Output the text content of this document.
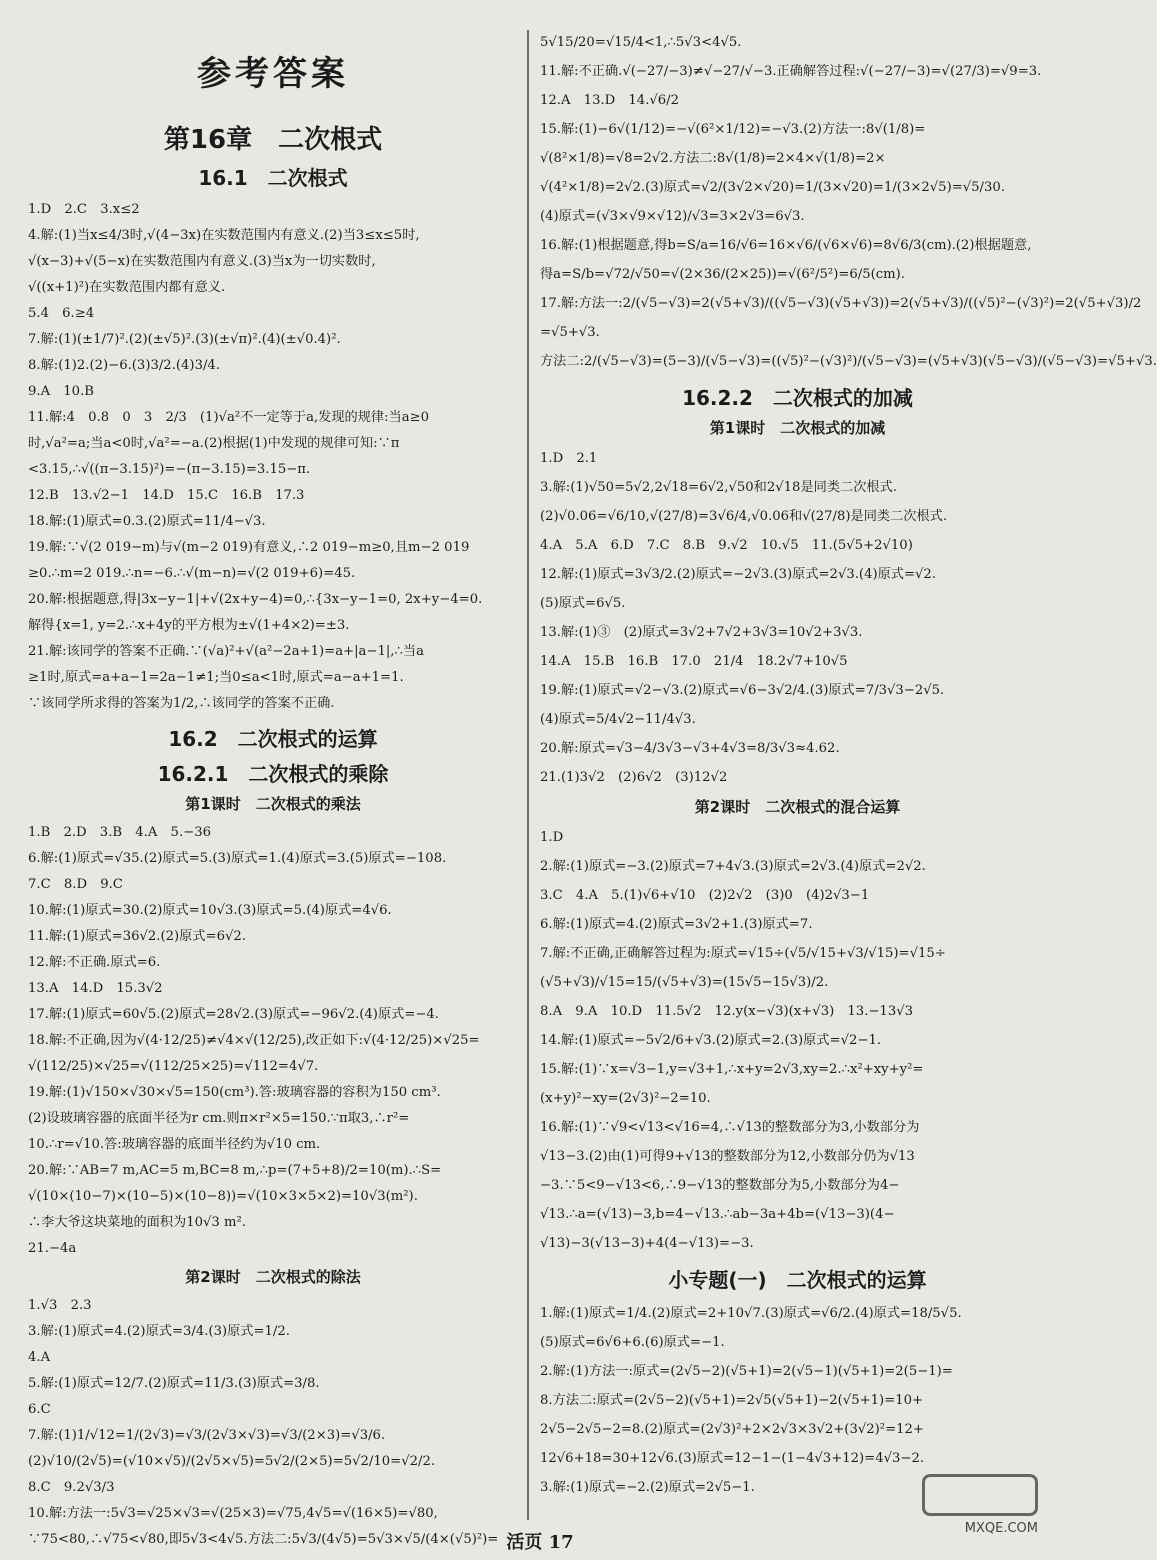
参考答案
第16章　二次根式
16.1　二次根式
1.D　2.C　3.x≤2
4.解:(1)当x≤4/3时,√(4−3x)在实数范围内有意义.(2)当3≤x≤5时,
√(x−3)+√(5−x)在实数范围内有意义.(3)当x为一切实数时,
√((x+1)²)在实数范围内都有意义.
5.4　6.≥4
7.解:(1)(±1/7)².(2)(±√5)².(3)(±√π)².(4)(±√0.4)².
8.解:(1)2.(2)−6.(3)3/2.(4)3/4.
9.A　10.B
11.解:4　0.8　0　3　2/3　(1)√a²不一定等于a,发现的规律:当a≥0
时,√a²=a;当a<0时,√a²=−a.(2)根据(1)中发现的规律可知:∵π
<3.15,∴√((π−3.15)²)=−(π−3.15)=3.15−π.
12.B　13.√2−1　14.D　15.C　16.B　17.3
18.解:(1)原式=0.3.(2)原式=11/4−√3.
19.解:∵√(2 019−m)与√(m−2 019)有意义,∴2 019−m≥0,且m−2 019
≥0.∴m=2 019.∴n=−6.∴√(m−n)=√(2 019+6)=45.
20.解:根据题意,得|3x−y−1|+√(2x+y−4)=0,∴{3x−y−1=0, 2x+y−4=0.
解得{x=1, y=2.∴x+4y的平方根为±√(1+4×2)=±3.
21.解:该同学的答案不正确.∵(√a)²+√(a²−2a+1)=a+|a−1|,∴当a
≥1时,原式=a+a−1=2a−1≠1;当0≤a<1时,原式=a−a+1=1.
∵该同学所求得的答案为1/2,∴该同学的答案不正确.
16.2　二次根式的运算
16.2.1　二次根式的乘除
第1课时　二次根式的乘法
1.B　2.D　3.B　4.A　5.−36
6.解:(1)原式=√35.(2)原式=5.(3)原式=1.(4)原式=3.(5)原式=−108.
7.C　8.D　9.C
10.解:(1)原式=30.(2)原式=10√3.(3)原式=5.(4)原式=4√6.
11.解:(1)原式=36√2.(2)原式=6√2.
12.解:不正确.原式=6.
13.A　14.D　15.3√2
17.解:(1)原式=60√5.(2)原式=28√2.(3)原式=−96√2.(4)原式=−4.
18.解:不正确,因为√(4·12/25)≠√4×√(12/25),改正如下:√(4·12/25)×√25=
√(112/25)×√25=√(112/25×25)=√112=4√7.
19.解:(1)√150×√30×√5=150(cm³).答:玻璃容器的容积为150 cm³.
(2)设玻璃容器的底面半径为r cm.则π×r²×5=150.∵π取3,∴r²=
10.∴r=√10.答:玻璃容器的底面半径约为√10 cm.
20.解:∵AB=7 m,AC=5 m,BC=8 m,∴p=(7+5+8)/2=10(m).∴S=
√(10×(10−7)×(10−5)×(10−8))=√(10×3×5×2)=10√3(m²).
∴李大爷这块菜地的面积为10√3 m².
21.−4a
第2课时　二次根式的除法
1.√3　2.3
3.解:(1)原式=4.(2)原式=3/4.(3)原式=1/2.
4.A
5.解:(1)原式=12/7.(2)原式=11/3.(3)原式=3/8.
6.C
7.解:(1)1/√12=1/(2√3)=√3/(2√3×√3)=√3/(2×3)=√3/6.
(2)√10/(2√5)=(√10×√5)/(2√5×√5)=5√2/(2×5)=5√2/10=√2/2.
8.C　9.2√3/3
10.解:方法一:5√3=√25×√3=√(25×3)=√75,4√5=√(16×5)=√80,
∵75<80,∴√75<√80,即5√3<4√5.方法二:5√3/(4√5)=5√3×√5/(4×(√5)²)=
5√15/20=√15/4<1,∴5√3<4√5.
11.解:不正确.√(−27/−3)≠√−27/√−3.正确解答过程:√(−27/−3)=√(27/3)=√9=3.
12.A　13.D　14.√6/2
15.解:(1)−6√(1/12)=−√(6²×1/12)=−√3.(2)方法一:8√(1/8)=
√(8²×1/8)=√8=2√2.方法二:8√(1/8)=2×4×√(1/8)=2×
√(4²×1/8)=2√2.(3)原式=√2/(3√2×√20)=1/(3×√20)=1/(3×2√5)=√5/30.
(4)原式=(√3×√9×√12)/√3=3×2√3=6√3.
16.解:(1)根据题意,得b=S/a=16/√6=16×√6/(√6×√6)=8√6/3(cm).(2)根据题意,
得a=S/b=√72/√50=√(2×36/(2×25))=√(6²/5²)=6/5(cm).
17.解:方法一:2/(√5−√3)=2(√5+√3)/((√5−√3)(√5+√3))=2(√5+√3)/((√5)²−(√3)²)=2(√5+√3)/2
=√5+√3.
方法二:2/(√5−√3)=(5−3)/(√5−√3)=((√5)²−(√3)²)/(√5−√3)=(√5+√3)(√5−√3)/(√5−√3)=√5+√3.
16.2.2　二次根式的加减
第1课时　二次根式的加减
1.D　2.1
3.解:(1)√50=5√2,2√18=6√2,√50和2√18是同类二次根式.
(2)√0.06=√6/10,√(27/8)=3√6/4,√0.06和√(27/8)是同类二次根式.
4.A　5.A　6.D　7.C　8.B　9.√2　10.√5　11.(5√5+2√10)
12.解:(1)原式=3√3/2.(2)原式=−2√3.(3)原式=2√3.(4)原式=√2.
(5)原式=6√5.
13.解:(1)③　(2)原式=3√2+7√2+3√3=10√2+3√3.
14.A　15.B　16.B　17.0　21/4　18.2√7+10√5
19.解:(1)原式=√2−√3.(2)原式=√6−3√2/4.(3)原式=7/3√3−2√5.
(4)原式=5/4√2−11/4√3.
20.解:原式=√3−4/3√3−√3+4√3=8/3√3≈4.62.
21.(1)3√2　(2)6√2　(3)12√2
第2课时　二次根式的混合运算
1.D
2.解:(1)原式=−3.(2)原式=7+4√3.(3)原式=2√3.(4)原式=2√2.
3.C　4.A　5.(1)√6+√10　(2)2√2　(3)0　(4)2√3−1
6.解:(1)原式=4.(2)原式=3√2+1.(3)原式=7.
7.解:不正确,正确解答过程为:原式=√15÷(√5/√15+√3/√15)=√15÷
(√5+√3)/√15=15/(√5+√3)=(15√5−15√3)/2.
8.A　9.A　10.D　11.5√2　12.y(x−√3)(x+√3)　13.−13√3
14.解:(1)原式=−5√2/6+√3.(2)原式=2.(3)原式=√2−1.
15.解:(1)∵x=√3−1,y=√3+1,∴x+y=2√3,xy=2.∴x²+xy+y²=
(x+y)²−xy=(2√3)²−2=10.
16.解:(1)∵√9<√13<√16=4,∴√13的整数部分为3,小数部分为
√13−3.(2)由(1)可得9+√13的整数部分为12,小数部分仍为√13
−3.∵5<9−√13<6,∴9−√13的整数部分为5,小数部分为4−
√13.∴a=(√13)−3,b=4−√13.∴ab−3a+4b=(√13−3)(4−
√13)−3(√13−3)+4(4−√13)=−3.
小专题(一)　二次根式的运算
1.解:(1)原式=1/4.(2)原式=2+10√7.(3)原式=√6/2.(4)原式=18/5√5.
(5)原式=6√6+6.(6)原式=−1.
2.解:(1)方法一:原式=(2√5−2)(√5+1)=2(√5−1)(√5+1)=2(5−1)=
8.方法二:原式=(2√5−2)(√5+1)=2√5(√5+1)−2(√5+1)=10+
2√5−2√5−2=8.(2)原式=(2√3)²+2×2√3×3√2+(3√2)²=12+
12√6+18=30+12√6.(3)原式=12−1−(1−4√3+12)=4√3−2.
3.解:(1)原式=−2.(2)原式=2√5−1.
活页 17
MXQE.COM
